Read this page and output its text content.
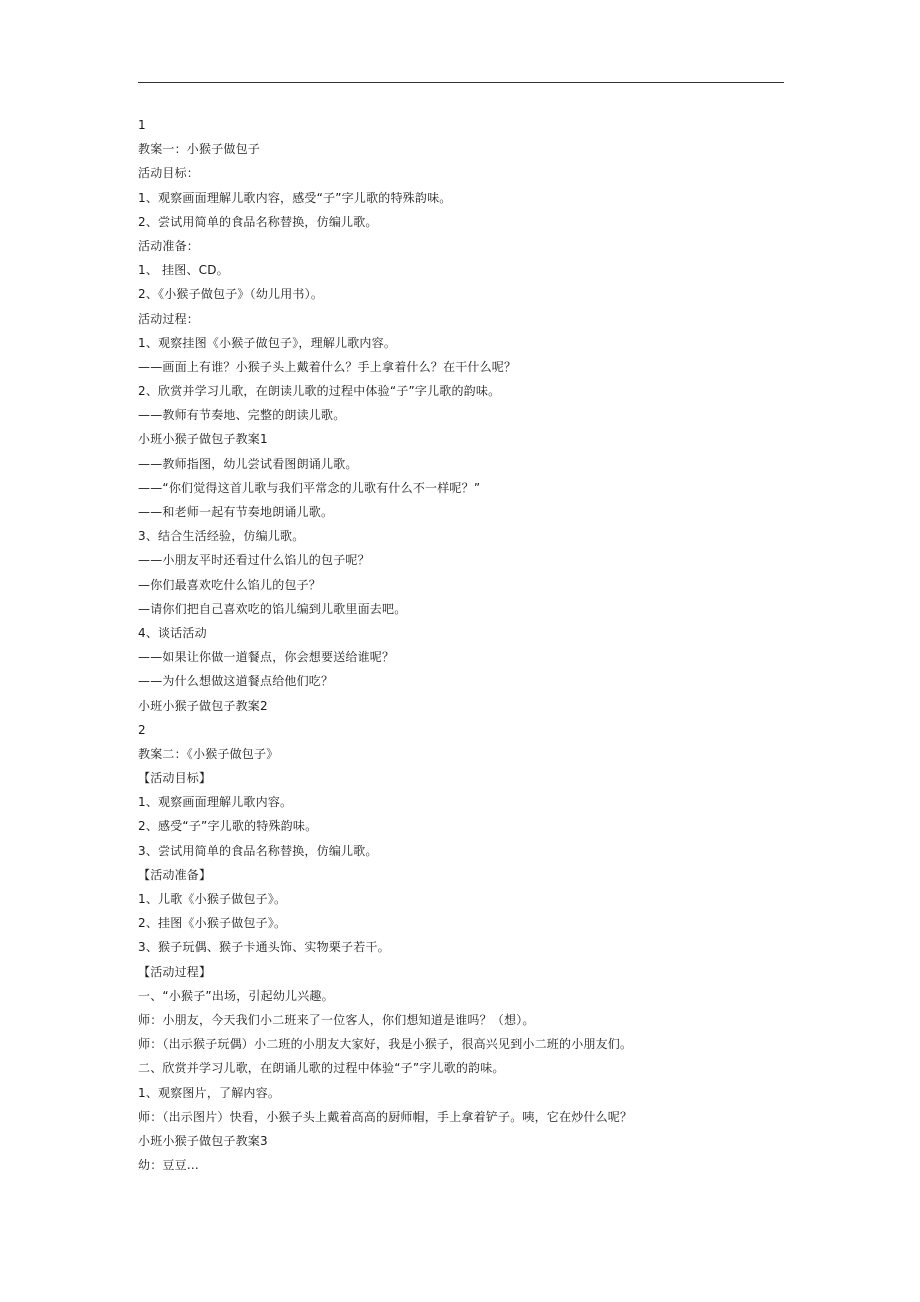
1
教案一：小猴子做包子
活动目标：
1、观察画面理解儿歌内容，感受“子”字儿歌的特殊韵味。
2、尝试用简单的食品名称替换，仿编儿歌。
活动准备：
1、 挂图、CD。
2、《小猴子做包子》（幼儿用书）。
活动过程：
1、观察挂图《小猴子做包子》，理解儿歌内容。
——画面上有谁？小猴子头上戴着什么？手上拿着什么？在干什么呢？
2、欣赏并学习儿歌，在朗读儿歌的过程中体验“子”字儿歌的韵味。
——教师有节奏地、完整的朗读儿歌。
小班小猴子做包子教案1
——教师指图，幼儿尝试看图朗诵儿歌。
——“你们觉得这首儿歌与我们平常念的儿歌有什么不一样呢？”
——和老师一起有节奏地朗诵儿歌。
3、结合生活经验，仿编儿歌。
——小朋友平时还看过什么馅儿的包子呢？
—你们最喜欢吃什么馅儿的包子？
—请你们把自己喜欢吃的馅儿编到儿歌里面去吧。
4、谈话活动
——如果让你做一道餐点，你会想要送给谁呢？
——为什么想做这道餐点给他们吃？
小班小猴子做包子教案2
2
教案二：《小猴子做包子》
【活动目标】
1、观察画面理解儿歌内容。
2、感受“子”字儿歌的特殊韵味。
3、尝试用简单的食品名称替换，仿编儿歌。
【活动准备】
1、儿歌《小猴子做包子》。
2、挂图《小猴子做包子》。
3、猴子玩偶、猴子卡通头饰、实物栗子若干。
【活动过程】
一、“小猴子”出场，引起幼儿兴趣。
师：小朋友，今天我们小二班来了一位客人，你们想知道是谁吗？（想）。
师：（出示猴子玩偶）小二班的小朋友大家好，我是小猴子，很高兴见到小二班的小朋友们。
二、欣赏并学习儿歌，在朗诵儿歌的过程中体验“子”字儿歌的韵味。
1、观察图片，了解内容。
师：（出示图片）快看，小猴子头上戴着高高的厨师帽，手上拿着铲子。咦，它在炒什么呢？
小班小猴子做包子教案3
幼：豆豆…
